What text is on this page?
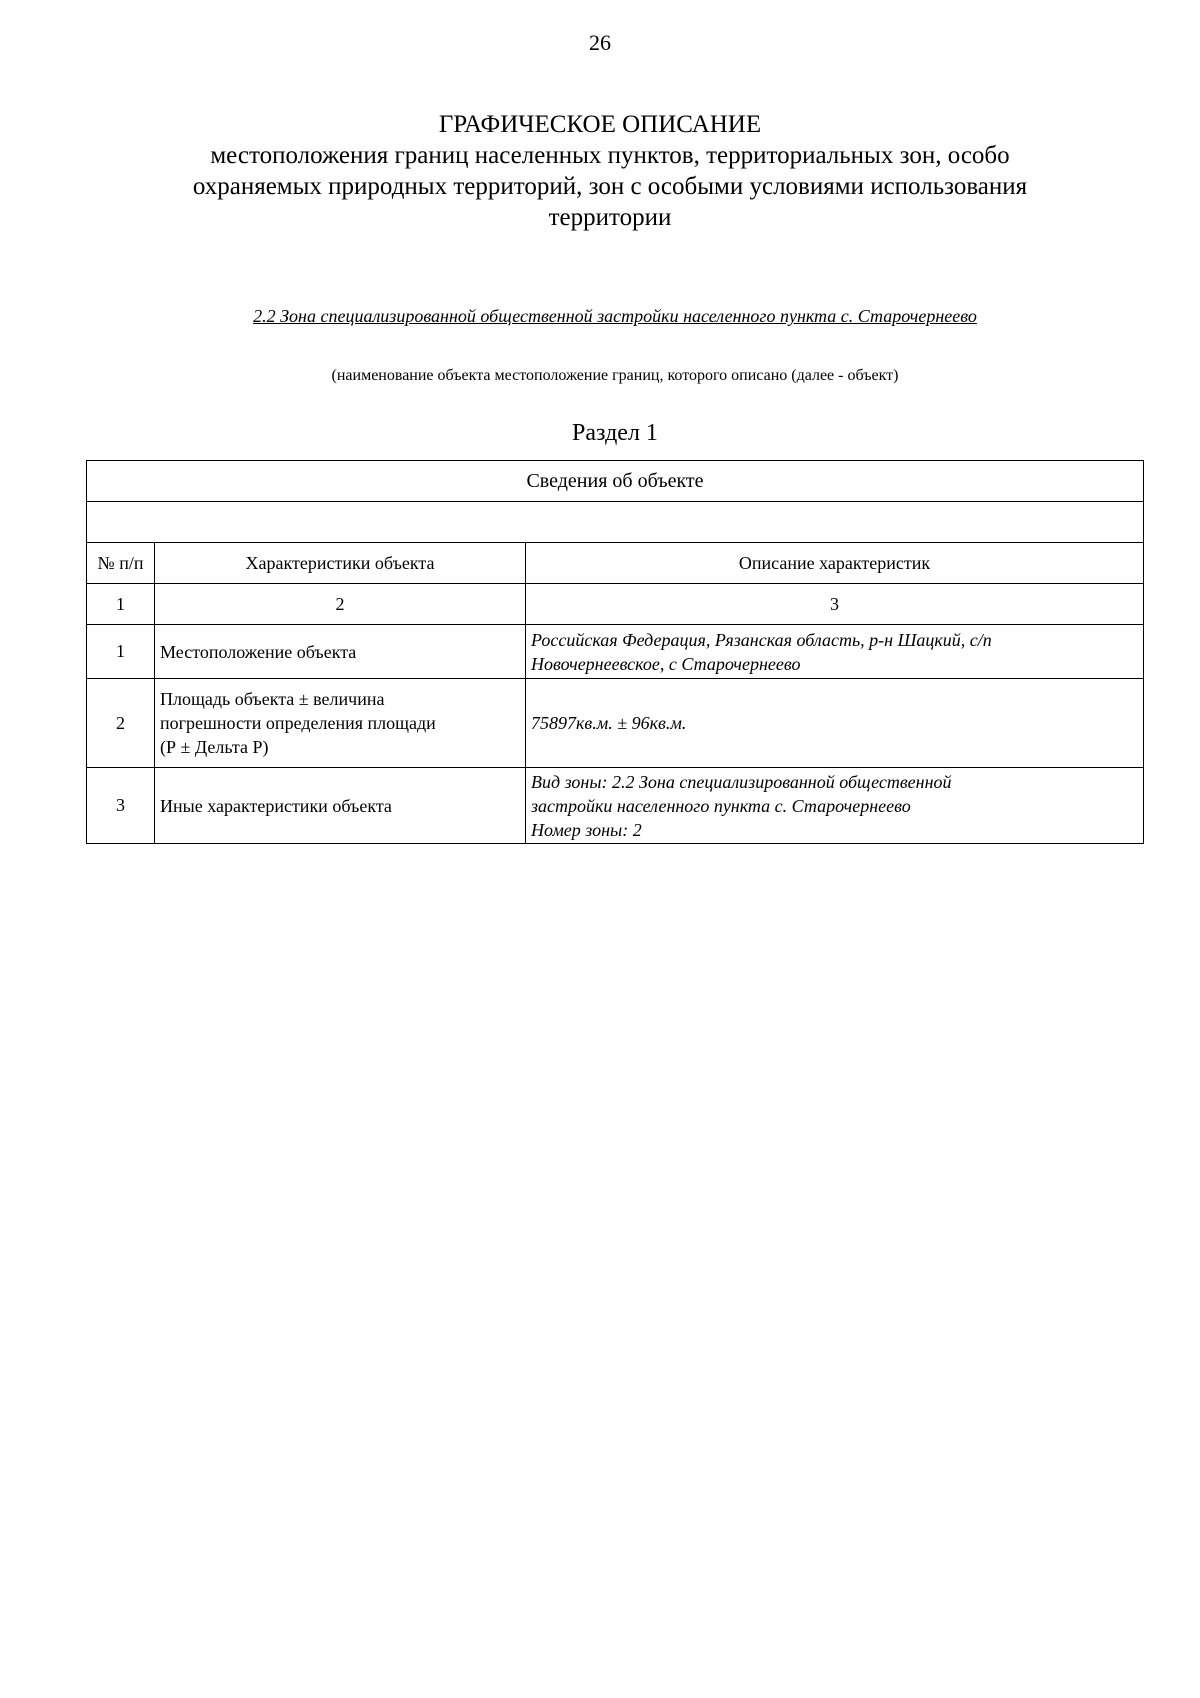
26
ГРАФИЧЕСКОЕ ОПИСАНИЕ
местоположения границ населенных пунктов, территориальных зон, особо
охраняемых природных территорий, зон с особыми условиями использования
территории
2.2 Зона специализированной общественной застройки населенного пункта с. Старочернеево
(наименование объекта местоположение границ, которого описано (далее - объект)
Раздел 1
Сведения об объекте		

№ п/п	Характеристики объекта	Описание характеристик
1	2	3
1	Местоположение объекта	Российская Федерация, Рязанская область, р-н Шацкий, с/п
Новочернеевское, с Старочернеево

2	Площадь объекта ± величина
погрешности определения площади
(Р ± Дельта Р)	75897кв.м. ± 96кв.м.

3	Иные характеристики объекта	Вид зоны: 2.2 Зона специализированной общественной
застройки населенного пункта с. Старочернеево
Номер зоны: 2
